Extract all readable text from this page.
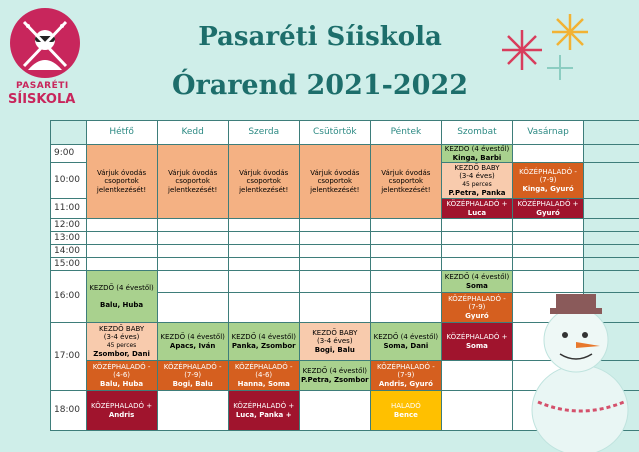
Pasaréti Síiskola
Órarend 2021-2022
PASARÉTI
SÍISKOLA
	Hétfő	Kedd	Szerda	Csütörtök	Péntek	Szombat	Vasárnap	
9:00	Várjuk óvodás
csoportok
jelentkezését!	Várjuk óvodás
csoportok
jelentkezését!	Várjuk óvodás
csoportok
jelentkezését!	Várjuk óvodás
csoportok
jelentkezését!	Várjuk óvodás
csoportok
jelentkezését!	KEZDŐ (4 évestől)
Kinga, Barbi		
10:00						KEZDŐ BABY
(3-4 éves)
45 perces
P.Petra, Panka	KÖZÉPHALADÓ -
(7-9)
Kinga, Gyuró	
11:00						KÖZÉPHALADÓ +
Luca	KÖZÉPHALADÓ +
Gyuró	
12:00								
13:00								
14:00								
15:00								
16:00	KEZDŐ (4 évestől)

Balu, Huba					KEZDŐ (4 évestől)
Soma		
						KÖZÉPHALADÓ -
(7-9)
Gyuró		
17:00	KEZDŐ BABY
(3-4 éves)
45 perces
Zsombor, Dani	KEZDŐ (4 évestől)
Apacs, Iván	KEZDŐ (4 évestől)
Panka, Zsombor	KEZDŐ BABY
(3-4 éves)
Bogi, Balu	KEZDŐ (4 évestől)
Soma, Dani	KÖZÉPHALADÓ +
Soma		
	KÖZÉPHALADÓ -
(4-6)
Balu, Huba	KÖZÉPHALADÓ -
(7-9)
Bogi, Balu	KÖZÉPHALADÓ -
(4-6)
Hanna, Soma	KEZDŐ (4 évestől)
P.Petra, Zsombor	KÖZÉPHALADÓ -
(7-9)
Andris, Gyuró			
18:00	KÖZÉPHALADÓ +
Andris		KÖZÉPHALADÓ +
Luca, Panka +		HALADÓ
Bence			
